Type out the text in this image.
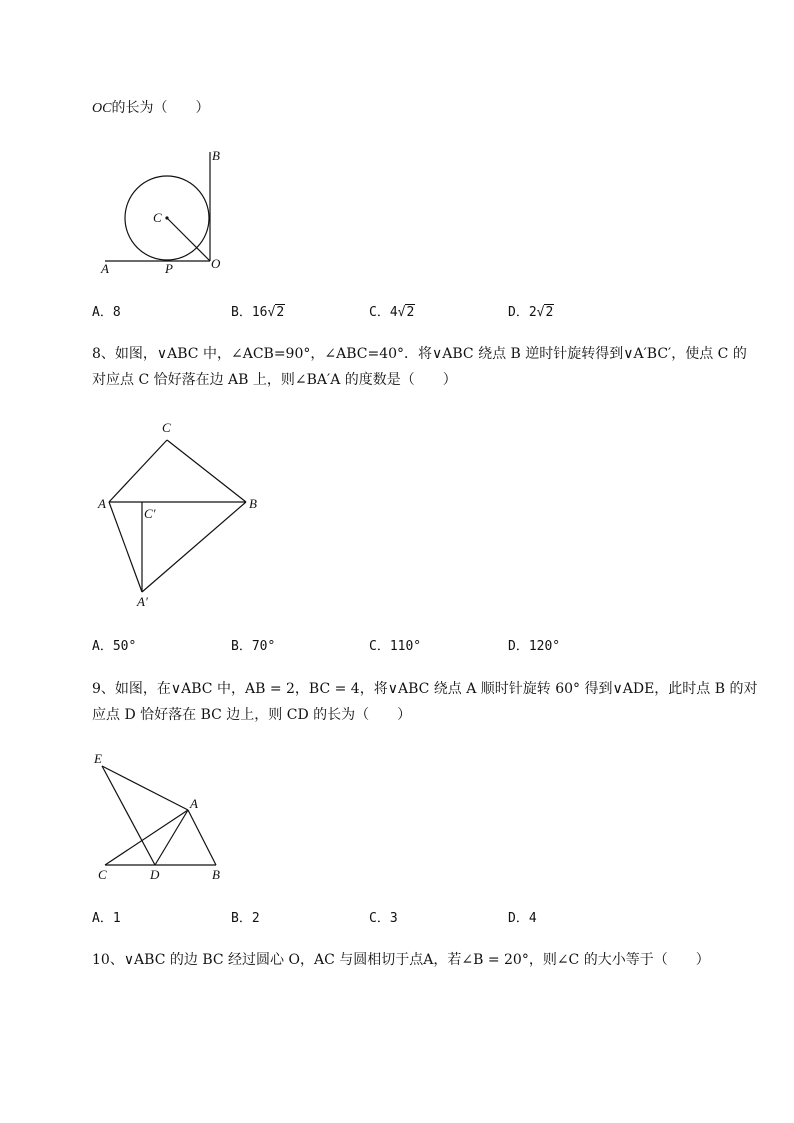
OC的长为（　　）
B
C
A	P	O
A．8	B．16√2	C．4√2	D．2√2
8、如图，∨ABC 中，∠ACB=90°，∠ABC=40°．将∨ABC 绕点 B 逆时针旋转得到∨A′BC′，使点 C 的
对应点 C 恰好落在边 AB 上，则∠BA′A 的度数是（　　）
C
A	B
C′
A′
A．50°	B．70°	C．110°	D．120°
9、如图，在∨ABC 中，AB = 2，BC = 4，将∨ABC 绕点 A 顺时针旋转 60° 得到∨ADE，此时点 B 的对
应点 D 恰好落在 BC 边上，则 CD 的长为（　　）
E
A
C	D	B
A．1	B．2	C．3	D．4
10、∨ABC 的边 BC 经过圆心 O，AC 与圆相切于点A，若∠B = 20°，则∠C 的大小等于（　　）
